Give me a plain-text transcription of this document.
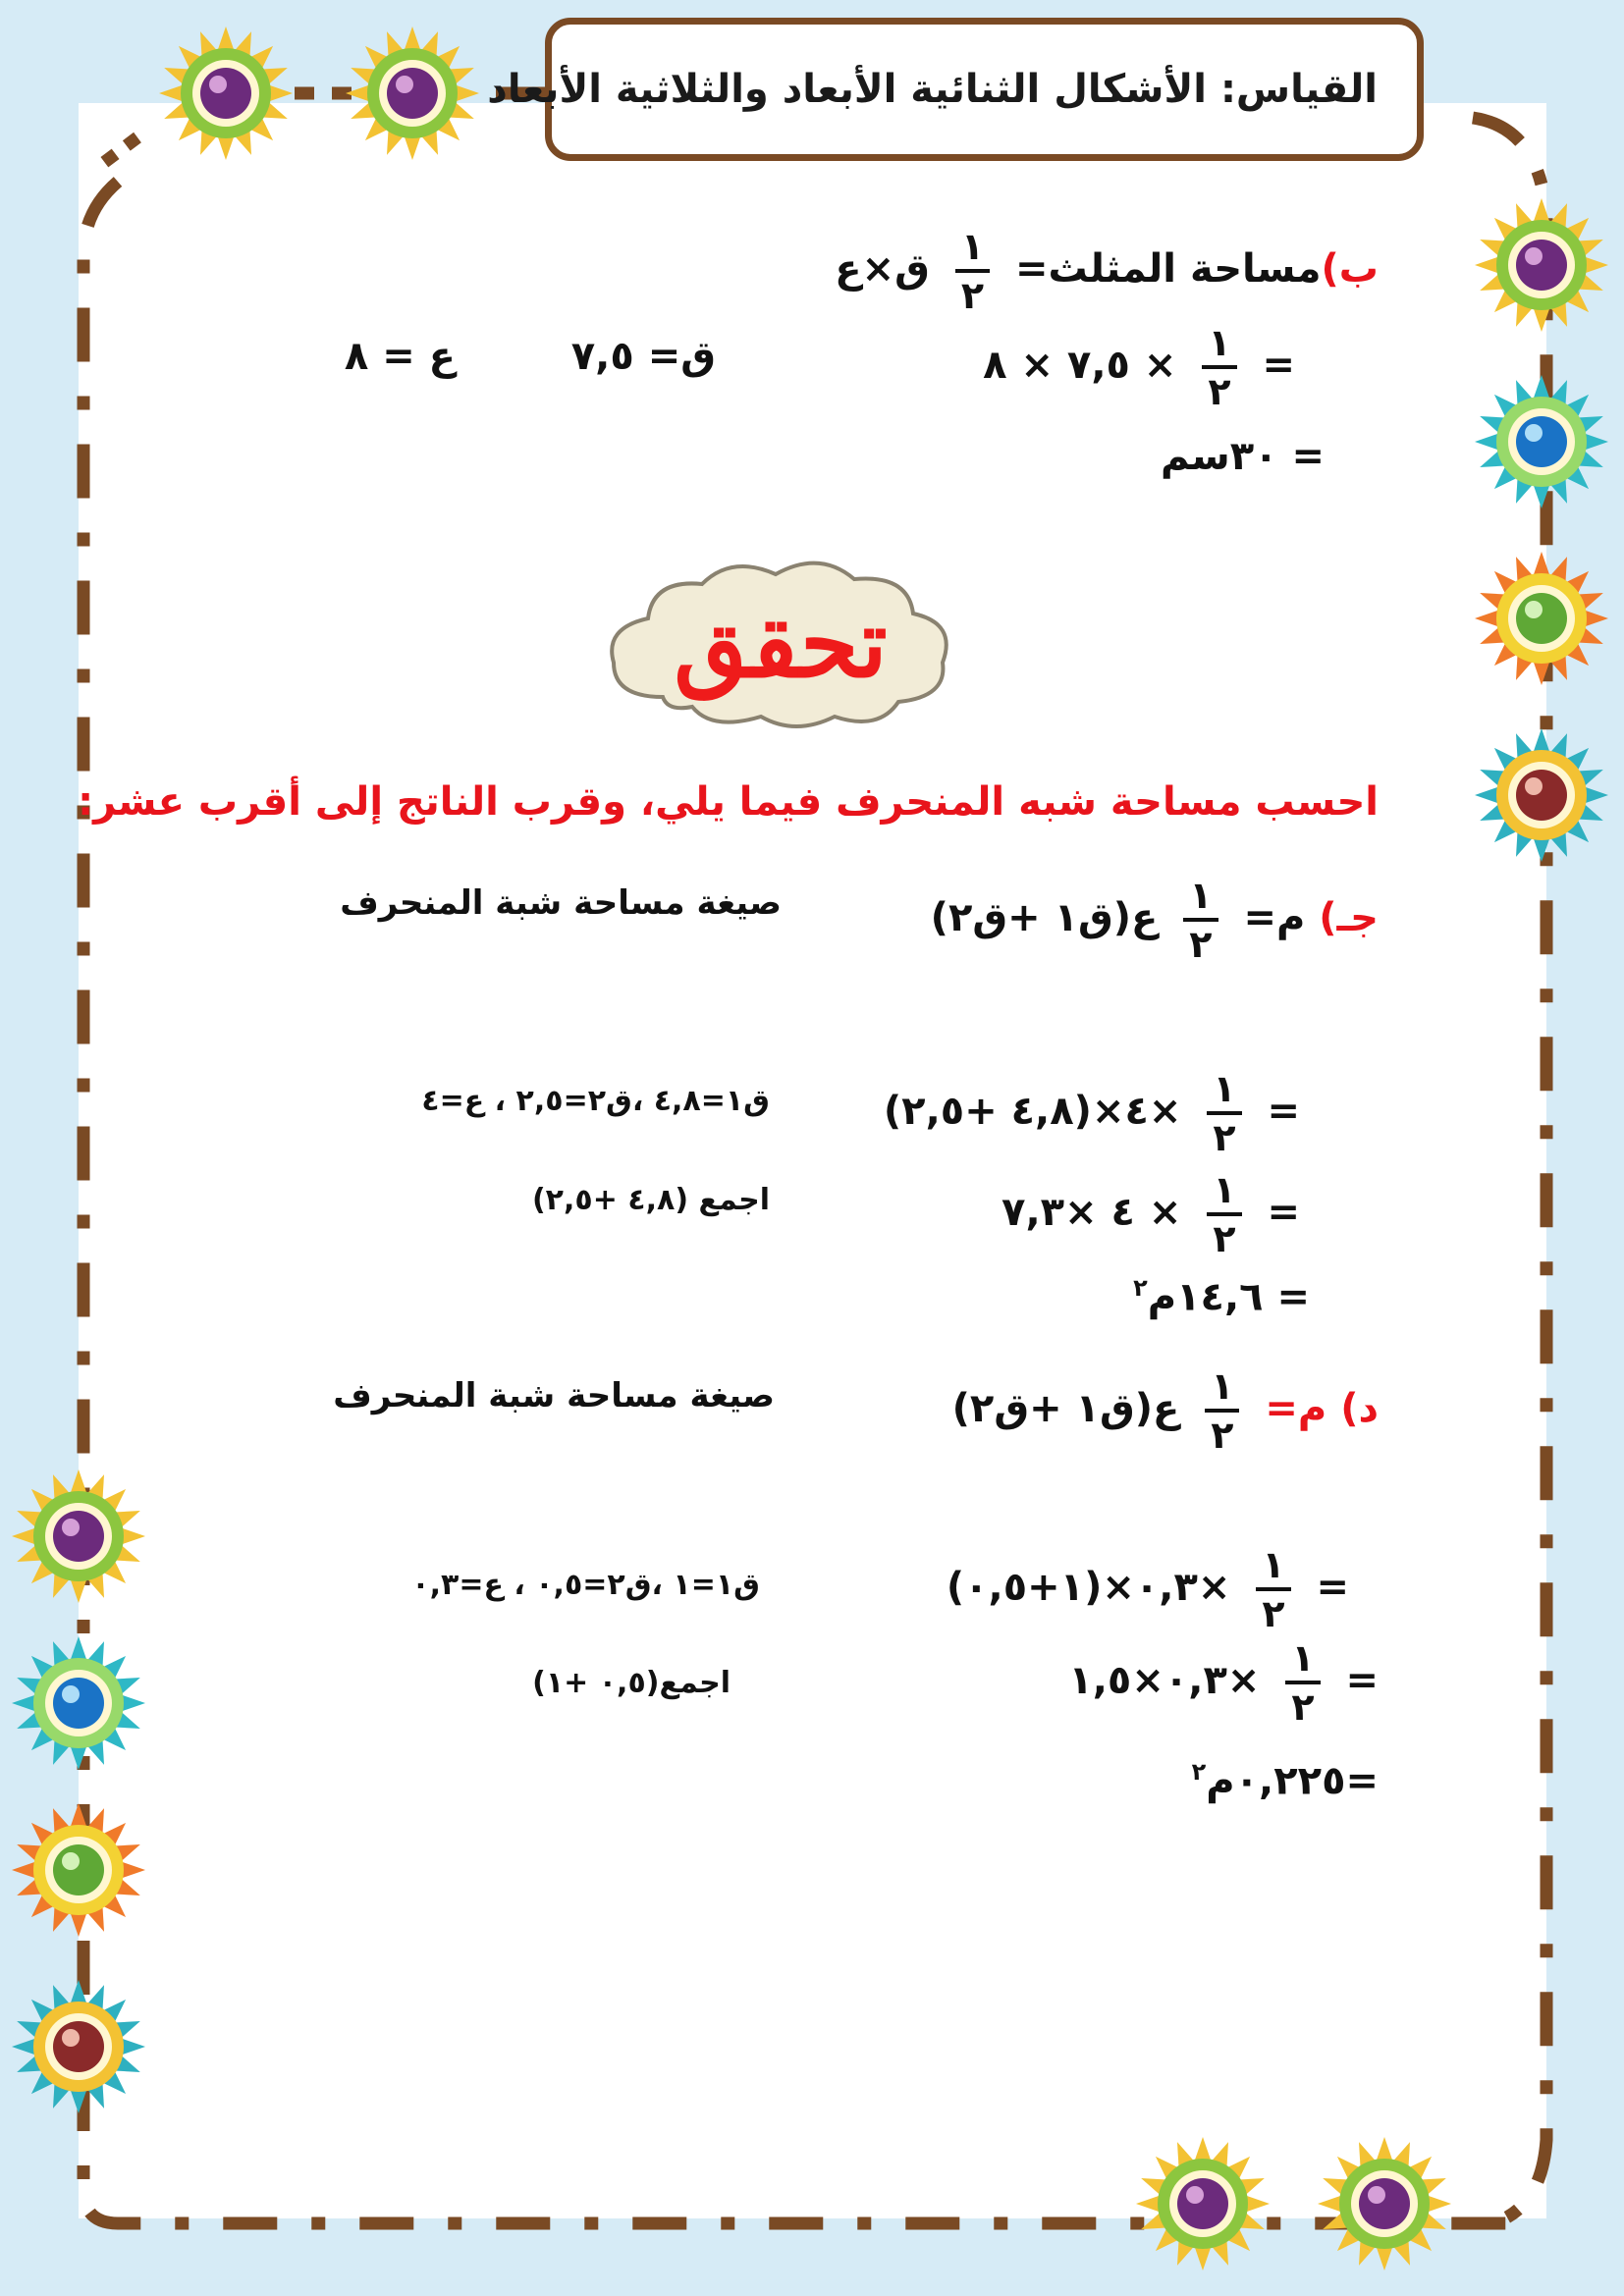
القياس: الأشكال الثنائية الأبعاد والثلاثية الأبعاد
ب)مساحة المثلث=
$\frac{١}{٢}$
ق×ع
=
$\frac{١}{٢}$
× ٧,٥ × ٨
ق= ٧,٥
ع = ٨
= ٣٠سم
تحقق
احسب مساحة شبه المنحرف فيما يلي، وقرب الناتج إلى أقرب عشر:
جـ) م=
$\frac{١}{٢}$
ع(ق١ +ق٢)
صيغة مساحة شبة المنحرف
=
$\frac{١}{٢}$
×٤×(٤,٨ +٢,٥)
ق١=٤,٨ ،ق٢=٢,٥ ، ع=٤
=
$\frac{١}{٢}$
× ٤ ×٧,٣
اجمع (٤,٨ +٢,٥)
= ١٤,٦م$^٢$
د) م=
$\frac{١}{٢}$
ع(ق١ +ق٢)
صيغة مساحة شبة المنحرف
=
$\frac{١}{٢}$
×٠,٣×(١+٠,٥)
ق١=١ ،ق٢=٠,٥ ، ع=٠,٣
=
$\frac{١}{٢}$
×٠,٣×١,٥
اجمع(٠,٥ +١)
=٠,٢٢٥م$^٢$
